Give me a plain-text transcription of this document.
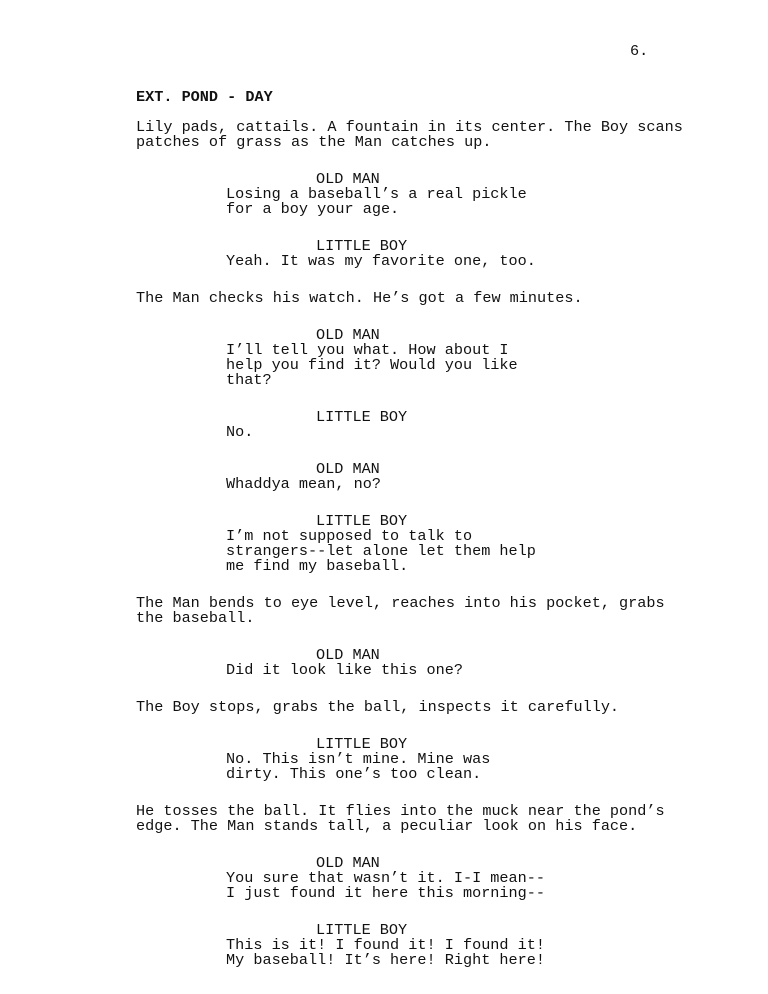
6.
EXT. POND - DAY
Lily pads, cattails. A fountain in its center. The Boy scans
patches of grass as the Man catches up.
OLD MAN
Losing a baseball’s a real pickle
for a boy your age.
LITTLE BOY
Yeah. It was my favorite one, too.
The Man checks his watch. He’s got a few minutes.
OLD MAN
I’ll tell you what. How about I
help you find it? Would you like
that?
LITTLE BOY
No.
OLD MAN
Whaddya mean, no?
LITTLE BOY
I’m not supposed to talk to
strangers--let alone let them help
me find my baseball.
The Man bends to eye level, reaches into his pocket, grabs
the baseball.
OLD MAN
Did it look like this one?
The Boy stops, grabs the ball, inspects it carefully.
LITTLE BOY
No. This isn’t mine. Mine was
dirty. This one’s too clean.
He tosses the ball. It flies into the muck near the pond’s
edge. The Man stands tall, a peculiar look on his face.
OLD MAN
You sure that wasn’t it. I-I mean--
I just found it here this morning--
LITTLE BOY
This is it! I found it! I found it!
My baseball! It’s here! Right here!
